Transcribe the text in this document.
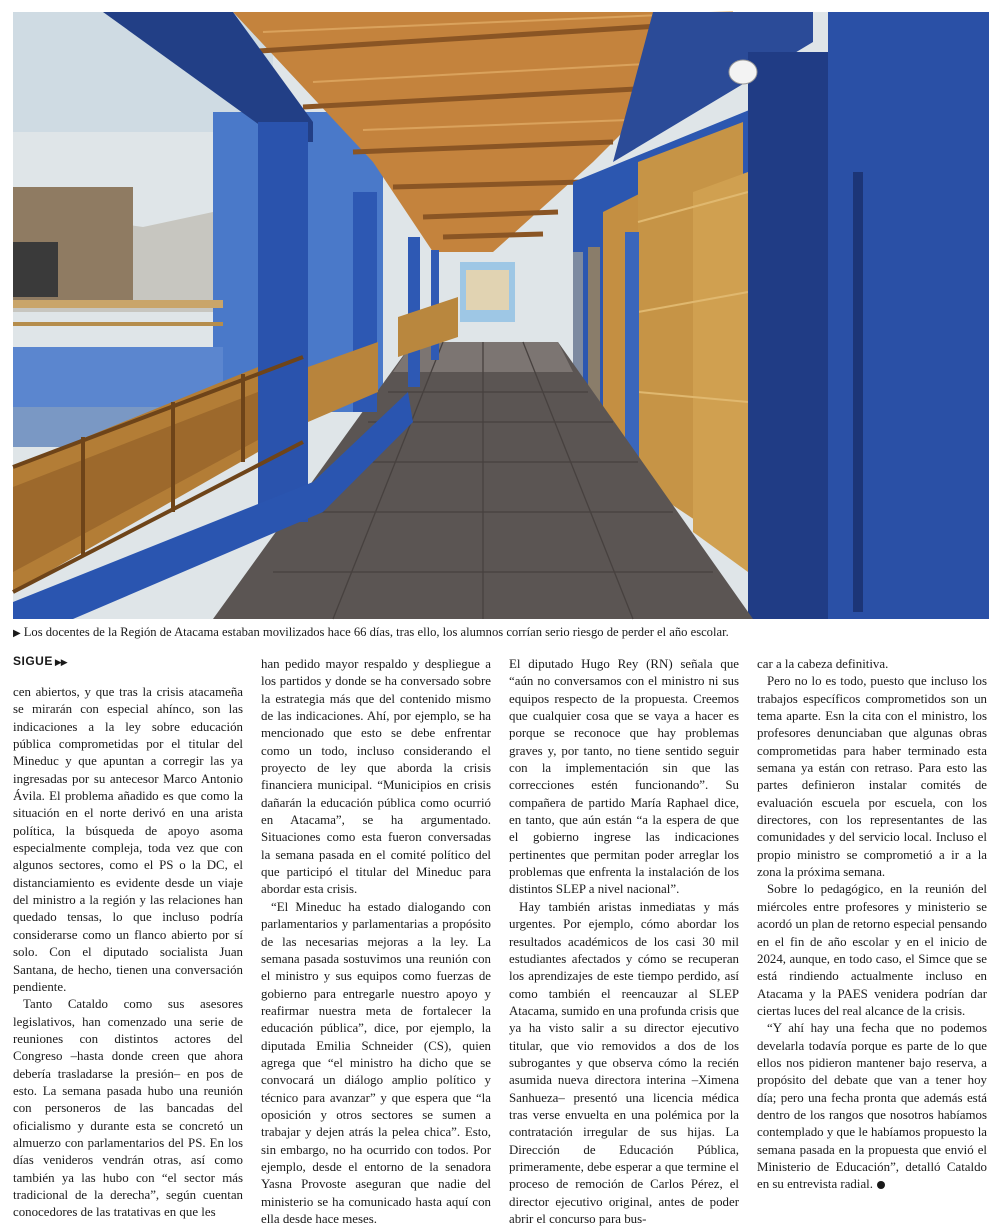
▶ Los docentes de la Región de Atacama estaban movilizados hace 66 días, tras ello, los alumnos corrían serio riesgo de perder el año escolar.
SIGUE ▶▶

cen abiertos, y que tras la crisis atacameña se mirarán con especial ahínco, son las indicaciones a la ley sobre educación pública comprometidas por el titular del Mineduc y que apuntan a corregir las ya ingresadas por su antecesor Marco Antonio Ávila. El problema añadido es que como la situación en el norte derivó en una arista política, la búsqueda de apoyo asoma especialmente compleja, toda vez que con algunos sectores, como el PS o la DC, el distanciamiento es evidente desde un viaje del ministro a la región y las relaciones han quedado tensas, lo que incluso podría considerarse como un flanco abierto por sí solo. Con el diputado socialista Juan Santana, de hecho, tienen una conversación pendiente.

Tanto Cataldo como sus asesores legislativos, han comenzado una serie de reuniones con distintos actores del Congreso –hasta donde creen que ahora debería trasladarse la presión– en pos de esto. La semana pasada hubo una reunión con personeros de las bancadas del oficialismo y durante esta se concretó un almuerzo con parlamentarios del PS. En los días venideros vendrán otras, así como también ya las hubo con “el sector más tradicional de la derecha”, según cuentan conocedores de las tratativas en que les

han pedido mayor respaldo y despliegue a los partidos y donde se ha conversado sobre la estrategia más que del contenido mismo de las indicaciones. Ahí, por ejemplo, se ha mencionado que esto se debe enfrentar como un todo, incluso considerando el proyecto de ley que aborda la crisis financiera municipal. “Municipios en crisis dañarán la educación pública como ocurrió en Atacama”, se ha argumentado. Situaciones como esta fueron conversadas la semana pasada en el comité político del que participó el titular del Mineduc para abordar esta crisis.

“El Mineduc ha estado dialogando con parlamentarios y parlamentarias a propósito de las necesarias mejoras a la ley. La semana pasada sostuvimos una reunión con el ministro y sus equipos como fuerzas de gobierno para entregarle nuestro apoyo y reafirmar nuestra meta de fortalecer la educación pública”, dice, por ejemplo, la diputada Emilia Schneider (CS), quien agrega que “el ministro ha dicho que se convocará un diálogo amplio político y técnico para avanzar” y que espera que “la oposición y otros sectores se sumen a trabajar y dejen atrás la pelea chica”. Esto, sin embargo, no ha ocurrido con todos. Por ejemplo, desde el entorno de la senadora Yasna Provoste aseguran que nadie del ministerio se ha comunicado hasta aquí con ella desde hace meses.

El diputado Hugo Rey (RN) señala que “aún no conversamos con el ministro ni sus equipos respecto de la propuesta. Creemos que cualquier cosa que se vaya a hacer es porque se reconoce que hay problemas graves y, por tanto, no tiene sentido seguir con la implementación sin que las correcciones estén funcionando”. Su compañera de partido María Raphael dice, en tanto, que aún están “a la espera de que el gobierno ingrese las indicaciones pertinentes que permitan poder arreglar los problemas que enfrenta la instalación de los distintos SLEP a nivel nacional”.

Hay también aristas inmediatas y más urgentes. Por ejemplo, cómo abordar los resultados académicos de los casi 30 mil estudiantes afectados y cómo se recuperan los aprendizajes de este tiempo perdido, así como también el reencauzar al SLEP Atacama, sumido en una profunda crisis que ya ha visto salir a su director ejecutivo titular, que vio removidos a dos de los subrogantes y que observa cómo la recién asumida nueva directora interina –Ximena Sanhueza– presentó una licencia médica tras verse envuelta en una polémica por la contratación irregular de sus hijas. La Dirección de Educación Pública, primeramente, debe esperar a que termine el proceso de remoción de Carlos Pérez, el director ejecutivo original, antes de poder abrir el concurso para bus-

car a la cabeza definitiva.

Pero no lo es todo, puesto que incluso los trabajos específicos comprometidos son un tema aparte. Esn la cita con el ministro, los profesores denunciaban que algunas obras comprometidas para haber terminado esta semana ya están con retraso. Para esto las partes definieron instalar comités de evaluación escuela por escuela, con los directores, con los representantes de las comunidades y del servicio local. Incluso el propio ministro se comprometió a ir a la zona la próxima semana.

Sobre lo pedagógico, en la reunión del miércoles entre profesores y ministerio se acordó un plan de retorno especial pensando en el fin de año escolar y en el inicio de 2024, aunque, en todo caso, el Simce que se está rindiendo actualmente incluso en Atacama y la PAES venidera podrían dar ciertas luces del real alcance de la crisis.

“Y ahí hay una fecha que no podemos develarla todavía porque es parte de lo que ellos nos pidieron mantener bajo reserva, a propósito del debate que van a tener hoy día; pero una fecha pronta que además está dentro de los rangos que nosotros habíamos contemplado y que le habíamos propuesto la semana pasada en la propuesta que envió el Ministerio de Educación”, detalló Cataldo en su entrevista radial.
